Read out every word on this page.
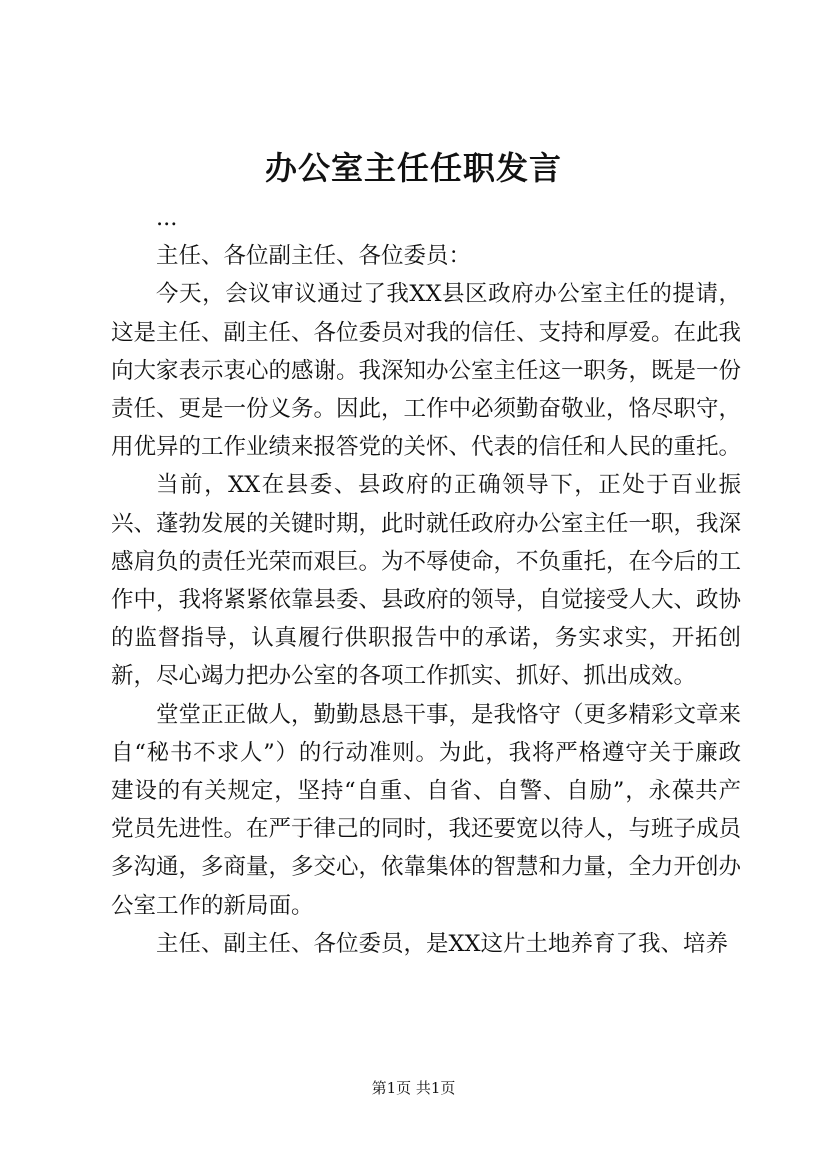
办公室主任任职发言

...

主任、各位副主任、各位委员：

今天，会议审议通过了我XX县区政府办公室主任的提请，这是主任、副主任、各位委员对我的信任、支持和厚爱。在此我向大家表示衷心的感谢。我深知办公室主任这一职务，既是一份责任、更是一份义务。因此，工作中必须勤奋敬业，恪尽职守，用优异的工作业绩来报答党的关怀、代表的信任和人民的重托。

当前，XX在县委、县政府的正确领导下，正处于百业振兴、蓬勃发展的关键时期，此时就任政府办公室主任一职，我深感肩负的责任光荣而艰巨。为不辱使命，不负重托，在今后的工作中，我将紧紧依靠县委、县政府的领导，自觉接受人大、政协的监督指导，认真履行供职报告中的承诺，务实求实，开拓创新，尽心竭力把办公室的各项工作抓实、抓好、抓出成效。

堂堂正正做人，勤勤恳恳干事，是我恪守（更多精彩文章来自“秘书不求人”）的行动准则。为此，我将严格遵守关于廉政建设的有关规定，坚持“自重、自省、自警、自励”，永葆共产党员先进性。在严于律己的同时，我还要宽以待人，与班子成员多沟通，多商量，多交心，依靠集体的智慧和力量，全力开创办公室工作的新局面。

主任、副主任、各位委员，是XX这片土地养育了我、培养

第1页 共1页
